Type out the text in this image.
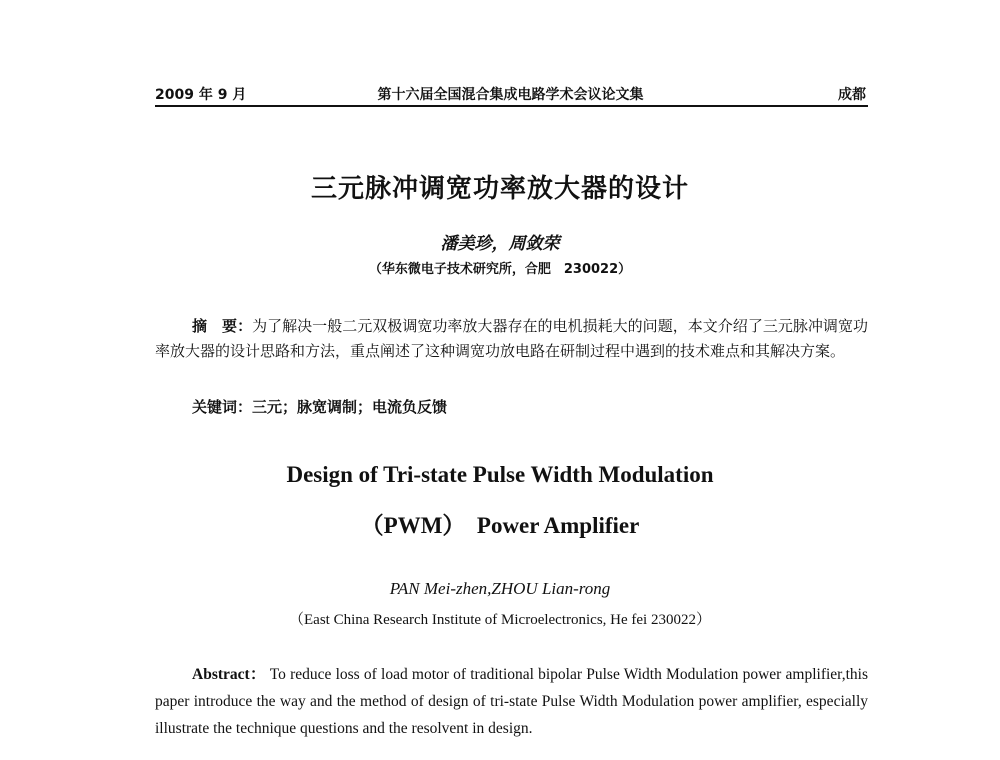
2009 年 9 月	第十六届全国混合集成电路学术会议论文集	成都
三元脉冲调宽功率放大器的设计
潘美珍，周敛荣
（华东微电子技术研究所，合肥　230022）
摘　要：为了解决一般二元双极调宽功率放大器存在的电机损耗大的问题，本文介绍了三元脉冲调宽功率放大器的设计思路和方法，重点阐述了这种调宽功放电路在研制过程中遇到的技术难点和其解决方案。
关键词：三元；脉宽调制；电流负反馈
Design of Tri-state Pulse Width Modulation
（PWM）　Power Amplifier
PAN Mei-zhen,ZHOU Lian-rong
（East China Research Institute of Microelectronics, He fei 230022）
Abstract： To reduce loss of load motor of traditional bipolar Pulse Width Modulation power amplifier,this paper introduce the way and the method of design of tri-state Pulse Width Modulation power amplifier, especially illustrate the technique questions and the resolvent in design.
